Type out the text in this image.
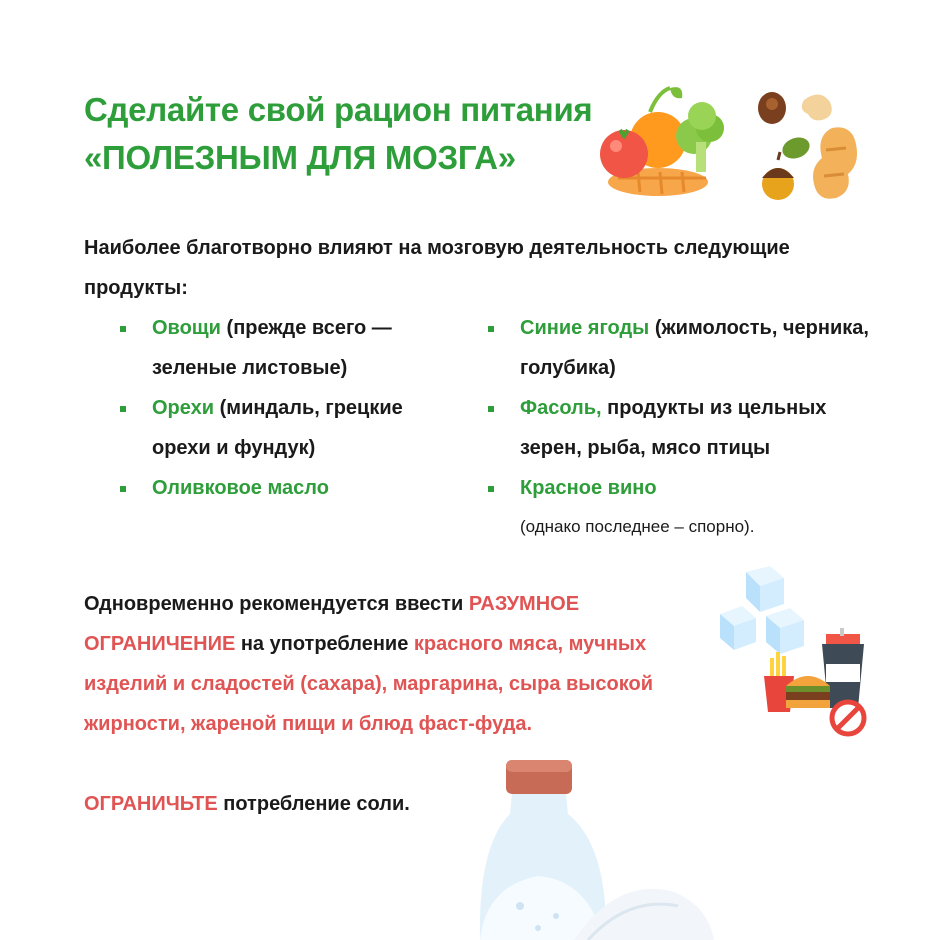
Сделайте свой рацион питания
«ПОЛЕЗНЫМ ДЛЯ МОЗГА»

Наиболее благотворно влияют на мозговую деятельность следующие продукты:

Овощи (прежде всего — зеленые листовые)
Орехи (миндаль, грецкие орехи и фундук)
Оливковое масло
Синие ягоды (жимолость, черника, голубика)
Фасоль, продукты из цельных зерен, рыба, мясо птицы
Красное вино
(однако последнее – спорно).

Одновременно рекомендуется ввести РАЗУМНОЕ ОГРАНИЧЕНИЕ на употребление красного мяса, мучных изделий и сладостей (сахара), маргарина, сыра высокой жирности, жареной пищи и блюд фаст-фуда.

ОГРАНИЧЬТЕ потребление соли.
